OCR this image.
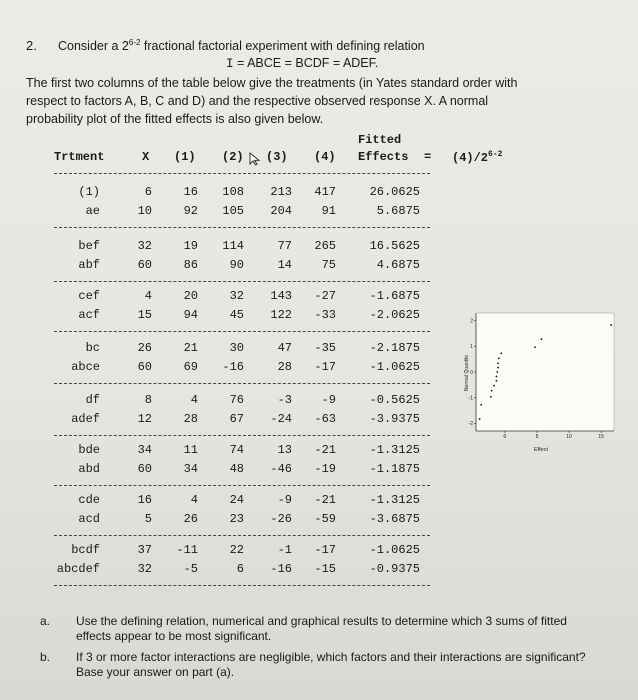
2. Consider a 2$^{6-2}$ fractional factorial experiment with defining relation
I = ABCE = BCDF = ADEF.
The first two columns of the table below give the treatments (in Yates standard order with
respect to factors A, B, C and D) and the respective observed response X. A normal
probability plot of the fitted effects is also given below.
Fitted
Trtment	X (1) (2) (3) (4) Effects = $(4)/2^{6-2}$
(1)	6	16	108	213	417	26.0625
ae	10	92	105	204	91	5.6875
bef	32	19	114	77	265	16.5625
abf	60	86	90	14	75	4.6875
cef	4	20	32	143	-27	-1.6875
acf	15	94	45	122	-33	-2.0625
bc	26	21	30	47	-35	-2.1875
abce	60	69	-16	28	-17	-1.0625
df	8	4	76	-3	-9	-0.5625
adef	12	28	67	-24	-63	-3.9375
bde	34	11	74	13	-21	-1.3125
abd	60	34	48	-46	-19	-1.1875
cde	16	4	24	-9	-21	-1.3125
acd	5	26	23	-26	-59	-3.6875
bcdf	37	-11	22	-1	-17	-1.0625
abcdef	32	-5	6	-16	-15	-0.9375
2
1
0
-1
-2
0	5	10	15
Normal Quantile
Effect
a. Use the defining relation, numerical and graphical results to determine which 3 sums of fitted effects appear to be most significant.
b. If 3 or more factor interactions are negligible, which factors and their interactions are significant? Base your answer on part (a).
